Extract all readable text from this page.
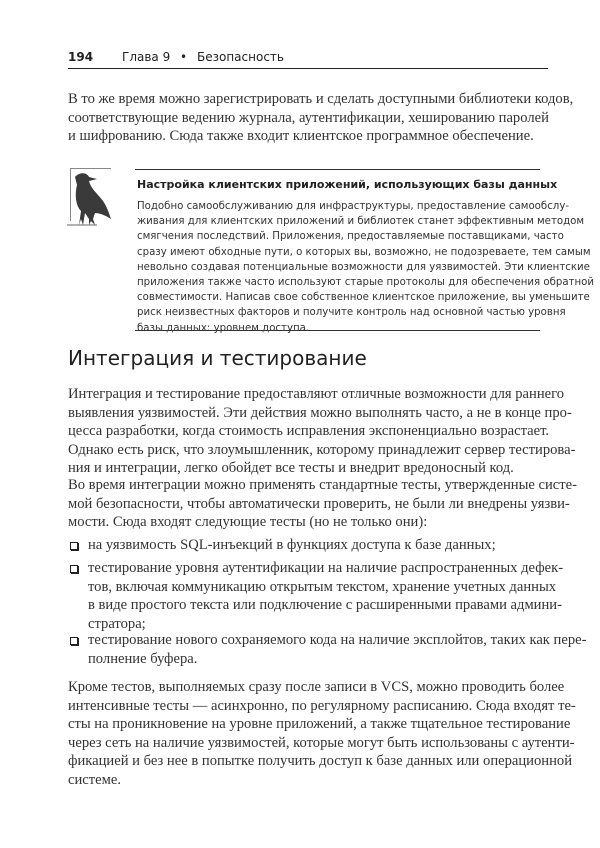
194 Глава 9 • Безопасность
В то же время можно зарегистрировать и сделать доступными библиотеки кодов,
соответствующие ведению журнала, аутентификации, хешированию паролей
и шифрованию. Сюда также входит клиентское программное обеспечение.
Настройка клиентских приложений, использующих базы данных
Подобно самообслуживанию для инфраструктуры, предоставление самообслу-
живания для клиентских приложений и библиотек станет эффективным методом
смягчения последствий. Приложения, предоставляемые поставщиками, часто
сразу имеют обходные пути, о которых вы, возможно, не подозреваете, тем самым
невольно создавая потенциальные возможности для уязвимостей. Эти клиентские
приложения также часто используют старые протоколы для обеспечения обратной
совместимости. Написав свое собственное клиентское приложение, вы уменьшите
риск неизвестных факторов и получите контроль над основной частью уровня
базы данных: уровнем доступа.
Интеграция и тестирование
Интеграция и тестирование предоставляют отличные возможности для раннего
выявления уязвимостей. Эти действия можно выполнять часто, а не в конце про-
цесса разработки, когда стоимость исправления экспоненциально возрастает.
Однако есть риск, что злоумышленник, которому принадлежит сервер тестирова-
ния и интеграции, легко обойдет все тесты и внедрит вредоносный код.
Во время интеграции можно применять стандартные тесты, утвержденные систе-
мой безопасности, чтобы автоматически проверить, не были ли внедрены уязви-
мости. Сюда входят следующие тесты (но не только они):
на уязвимость SQL-инъекций в функциях доступа к базе данных;
тестирование уровня аутентификации на наличие распространенных дефек-
тов, включая коммуникацию открытым текстом, хранение учетных данных
в виде простого текста или подключение с расширенными правами админи-
стратора;
тестирование нового сохраняемого кода на наличие эксплойтов, таких как пере-
полнение буфера.
Кроме тестов, выполняемых сразу после записи в VCS, можно проводить более
интенсивные тесты — асинхронно, по регулярному расписанию. Сюда входят те-
сты на проникновение на уровне приложений, а также тщательное тестирование
через сеть на наличие уязвимостей, которые могут быть использованы с аутенти-
фикацией и без нее в попытке получить доступ к базе данных или операционной
системе.
